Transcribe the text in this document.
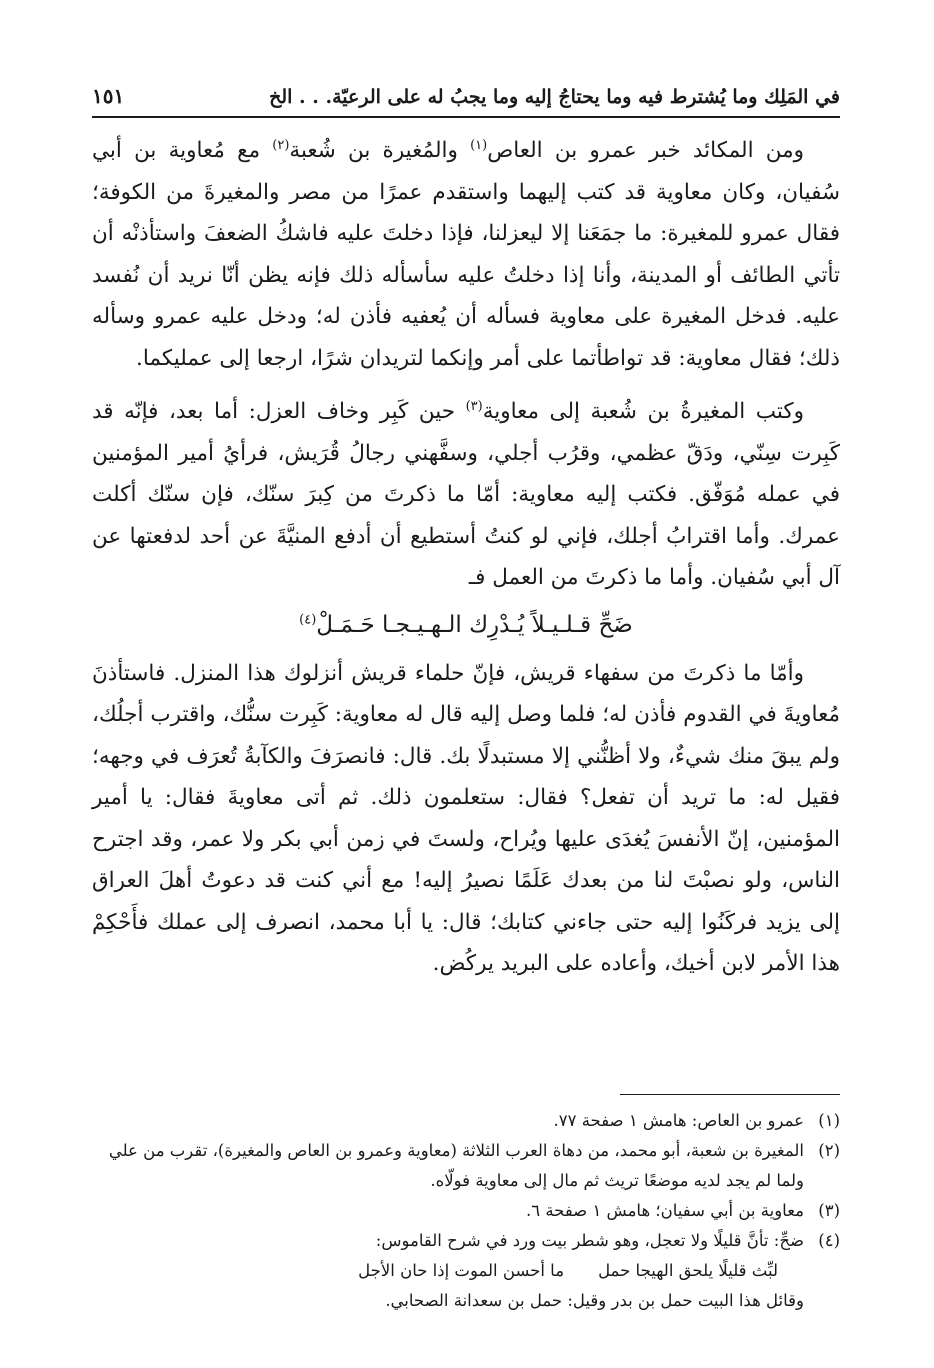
في المَلِك وما يُشترط فيه وما يحتاجُ إليه وما يجبُ له على الرعيّة. . . الخ
١٥١

ومن المكائد خبر عمرو بن العاص$^{(١)}$ والمُغيرة بن شُعبة$^{(٢)}$ مع مُعاوية بن أبي سُفيان، وكان معاوية قد كتب إليهما واستقدم عمرًا من مصر والمغيرةَ من الكوفة؛ فقال عمرو للمغيرة: ما جمَعَنا إلا ليعزلنا، فإذا دخلتَ عليه فاشكُ الضعفَ واستأذنْه أن تأتي الطائف أو المدينة، وأنا إذا دخلتُ عليه سأسأله ذلك فإنه يظن أنّا نريد أن نُفسد عليه. فدخل المغيرة على معاوية فسأله أن يُعفيه فأذن له؛ ودخل عليه عمرو وسأله ذلك؛ فقال معاوية: قد تواطأتما على أمر وإنكما لتريدان شرًا، ارجعا إلى عمليكما.

وكتب المغيرةُ بن شُعبة إلى معاوية$^{(٣)}$ حين كَبِر وخاف العزل: أما بعد، فإنّه قد كَبِرت سِنّي، ودَقّ عظمي، وقرُب أجلي، وسفَّهني رجالُ قُرَيش، فرأيُ أمير المؤمنين في عمله مُوَفّق. فكتب إليه معاوية: أمّا ما ذكرتَ من كِبرَ سنّك، فإن سنّك أكلت عمرك. وأما اقترابُ أجلك، فإني لو كنتُ أستطيع أن أدفع المنيَّةَ عن أحد لدفعتها عن آل أبي سُفيان. وأما ما ذكرتَ من العمل فـ

ضَحِّ قـلـيـلاً يُـدْرِك الـهـيـجـا حَـمَـلْ$^{(٤)}$

وأمّا ما ذكرتَ من سفهاء قريش، فإنّ حلماء قريش أنزلوك هذا المنزل. فاستأذنَ مُعاويةَ في القدوم فأذن له؛ فلما وصل إليه قال له معاوية: كَبِرت سنُّك، واقترب أجلُك، ولم يبقَ منك شيءٌ، ولا أظنُّني إلا مستبدلًا بك. قال: فانصرَفَ والكآبةُ تُعرَف في وجهه؛ فقيل له: ما تريد أن تفعل؟ فقال: ستعلمون ذلك. ثم أتى معاويةَ فقال: يا أمير المؤمنين، إنّ الأنفسَ يُغدَى عليها ويُراح، ولستَ في زمن أبي بكر ولا عمر، وقد اجترح الناس، ولو نصبْتَ لنا من بعدك عَلَمًا نصيرُ إليه! مع أني كنت قد دعوتُ أهلَ العراق إلى يزيد فركَنُوا إليه حتى جاءني كتابك؛ قال: يا أبا محمد، انصرف إلى عملك فأَحْكِمْ هذا الأمر لابن أخيك، وأعاده على البريد يركُض.

(١)
عمرو بن العاص: هامش ١ صفحة ٧٧.
(٢)
المغيرة بن شعبة، أبو محمد، من دهاة العرب الثلاثة (معاوية وعمرو بن العاص والمغيرة)، تقرب من علي ولما لم يجد لديه موضعًا تريث ثم مال إلى معاوية فولّاه.
(٣)
معاوية بن أبي سفيان؛ هامش ١ صفحة ٦.
(٤)
ضحِّ: تأنَّ قليلًا ولا تعجل، وهو شطر بيت ورد في شرح القاموس:
لبِّث قليلًا يلحق الهيجا حمل
ما أحسن الموت إذا حان الأجل
وقائل هذا البيت حمل بن بدر وقيل: حمل بن سعدانة الصحابي.
